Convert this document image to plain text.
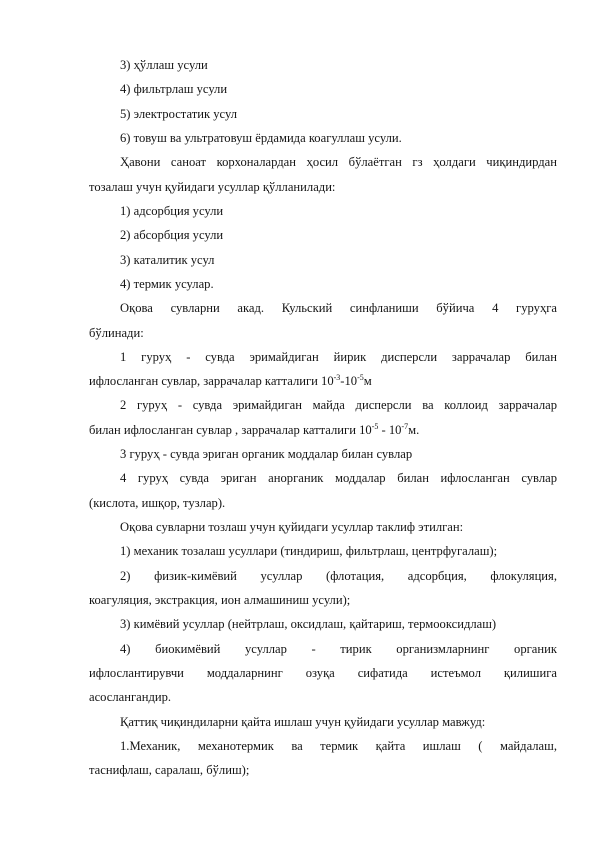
3) ҳўллаш усули
4) фильтрлаш усули
5) электростатик усул
6) товуш ва ультратовуш ёрдамида коагуллаш усули.
Ҳавони саноат корхоналардан ҳосил бўлаётган гз ҳолдаги чиқиндирдан
тозалаш учун қуйидаги усуллар қўлланилади:
1) адсорбция усули
2) абсорбция усули
3) каталитик усул
4) термик усулар.
Оқова сувларни акад. Кульский синфланиши бўйича 4 гуруҳга
бўлинади:
1 гуруҳ - сувда эримайдиган йирик дисперсли заррачалар билан
ифлосланган сувлар, заррачалар катталиги $10^{-3}-10^{-5}м$
2 гуруҳ - сувда эримайдиган майда дисперсли ва коллоид заррачалар
билан ифлосланган сувлар , заррачалар катталиги $10^{-5} - 10^{-7}м$.
3 гуруҳ - сувда эриган органик моддалар билан сувлар
4 гуруҳ сувда эриган анорганик моддалар билан ифлосланган сувлар
(кислота, ишқор, тузлар).
Оқова сувларни тозлаш учун қуйидаги усуллар таклиф этилган:
1) механик тозалаш усуллари (тиндириш, фильтрлаш, центрфугалаш);
2) физик-кимёвий усуллар (флотация, адсорбция, флокуляция,
коагуляция, экстракция, ион алмашиниш усули);
3) кимёвий усуллар (нейтрлаш, оксидлаш, қайтариш, термооксидлаш)
4) биокимёвий усуллар - тирик организмларнинг органик
ифлослантирувчи моддаларнинг озуқа сифатида истеъмол қилишига
асослангандир.
Қаттиқ чиқиндиларни қайта ишлаш учун қуйидаги усуллар мавжуд:
1.Механик, механотермик ва термик қайта ишлаш ( майдалаш,
таснифлаш, саралаш, бўлиш);
